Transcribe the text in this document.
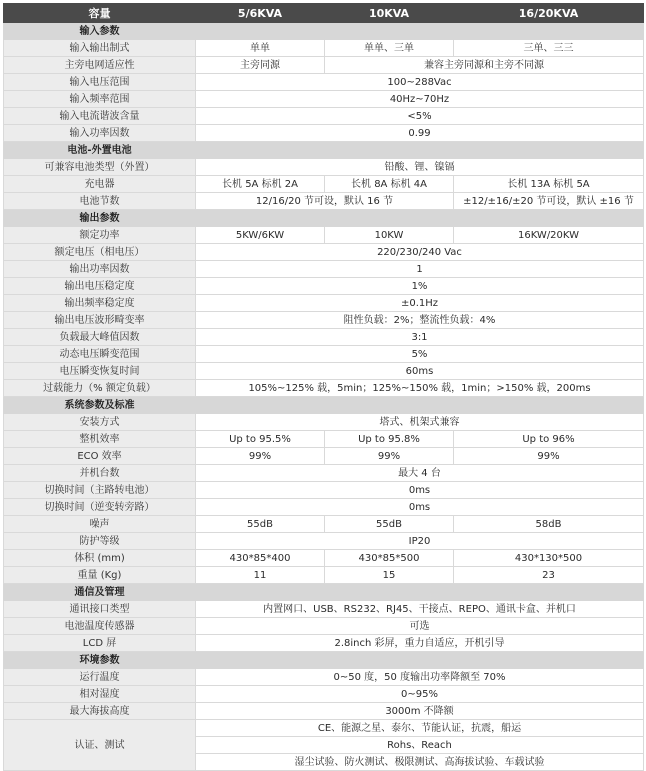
容量	5/6KVA	10KVA	16/20KVA
输入参数			
输入输出制式	单单	单单、三单	三单、三三
主旁电网适应性	主旁同源	兼容主旁同源和主旁不同源	
输入电压范围	100~288Vac		
输入频率范围	40Hz~70Hz		
输入电流谐波含量	<5%		
输入功率因数	0.99		
电池-外置电池			
可兼容电池类型（外置）	铅酸、锂、镍镉		
充电器	长机 5A 标机 2A	长机 8A 标机 4A	长机 13A 标机 5A
电池节数	12/16/20 节可设，默认 16 节		±12/±16/±20 节可设，默认 ±16 节
输出参数			
额定功率	5KW/6KW	10KW	16KW/20KW
额定电压（相电压）	220/230/240 Vac		
输出功率因数	1		
输出电压稳定度	1%		
输出频率稳定度	±0.1Hz		
输出电压波形畸变率	阻性负载：2%；整流性负载：4%		
负载最大峰值因数	3:1		
动态电压瞬变范围	5%		
电压瞬变恢复时间	60ms		
过载能力（% 额定负载）	105%~125% 载，5min；125%~150% 载，1min；>150% 载，200ms		
系统参数及标准			
安装方式	塔式、机架式兼容		
整机效率	Up to 95.5%	Up to 95.8%	Up to 96%
ECO 效率	99%	99%	99%
并机台数	最大 4 台		
切换时间（主路转电池）	0ms		
切换时间（逆变转旁路）	0ms		
噪声	55dB	55dB	58dB
防护等级	IP20		
体积 (mm)	430*85*400	430*85*500	430*130*500
重量 (Kg)	11	15	23
通信及管理			
通讯接口类型	内置网口、USB、RS232、RJ45、干接点、REPO、通讯卡盒、并机口		
电池温度传感器	可选		
LCD 屏	2.8inch 彩屏，重力自适应，开机引导		
环境参数			
运行温度	0~50 度，50 度输出功率降额至 70%		
相对湿度	0~95%		
最大海拔高度	3000m 不降额		
认证、测试	CE、能源之星、泰尔、节能认证，抗震，船运		
	Rohs、Reach		
	湿尘试验、防火测试、极限测试、高海拔试验、车载试验		
